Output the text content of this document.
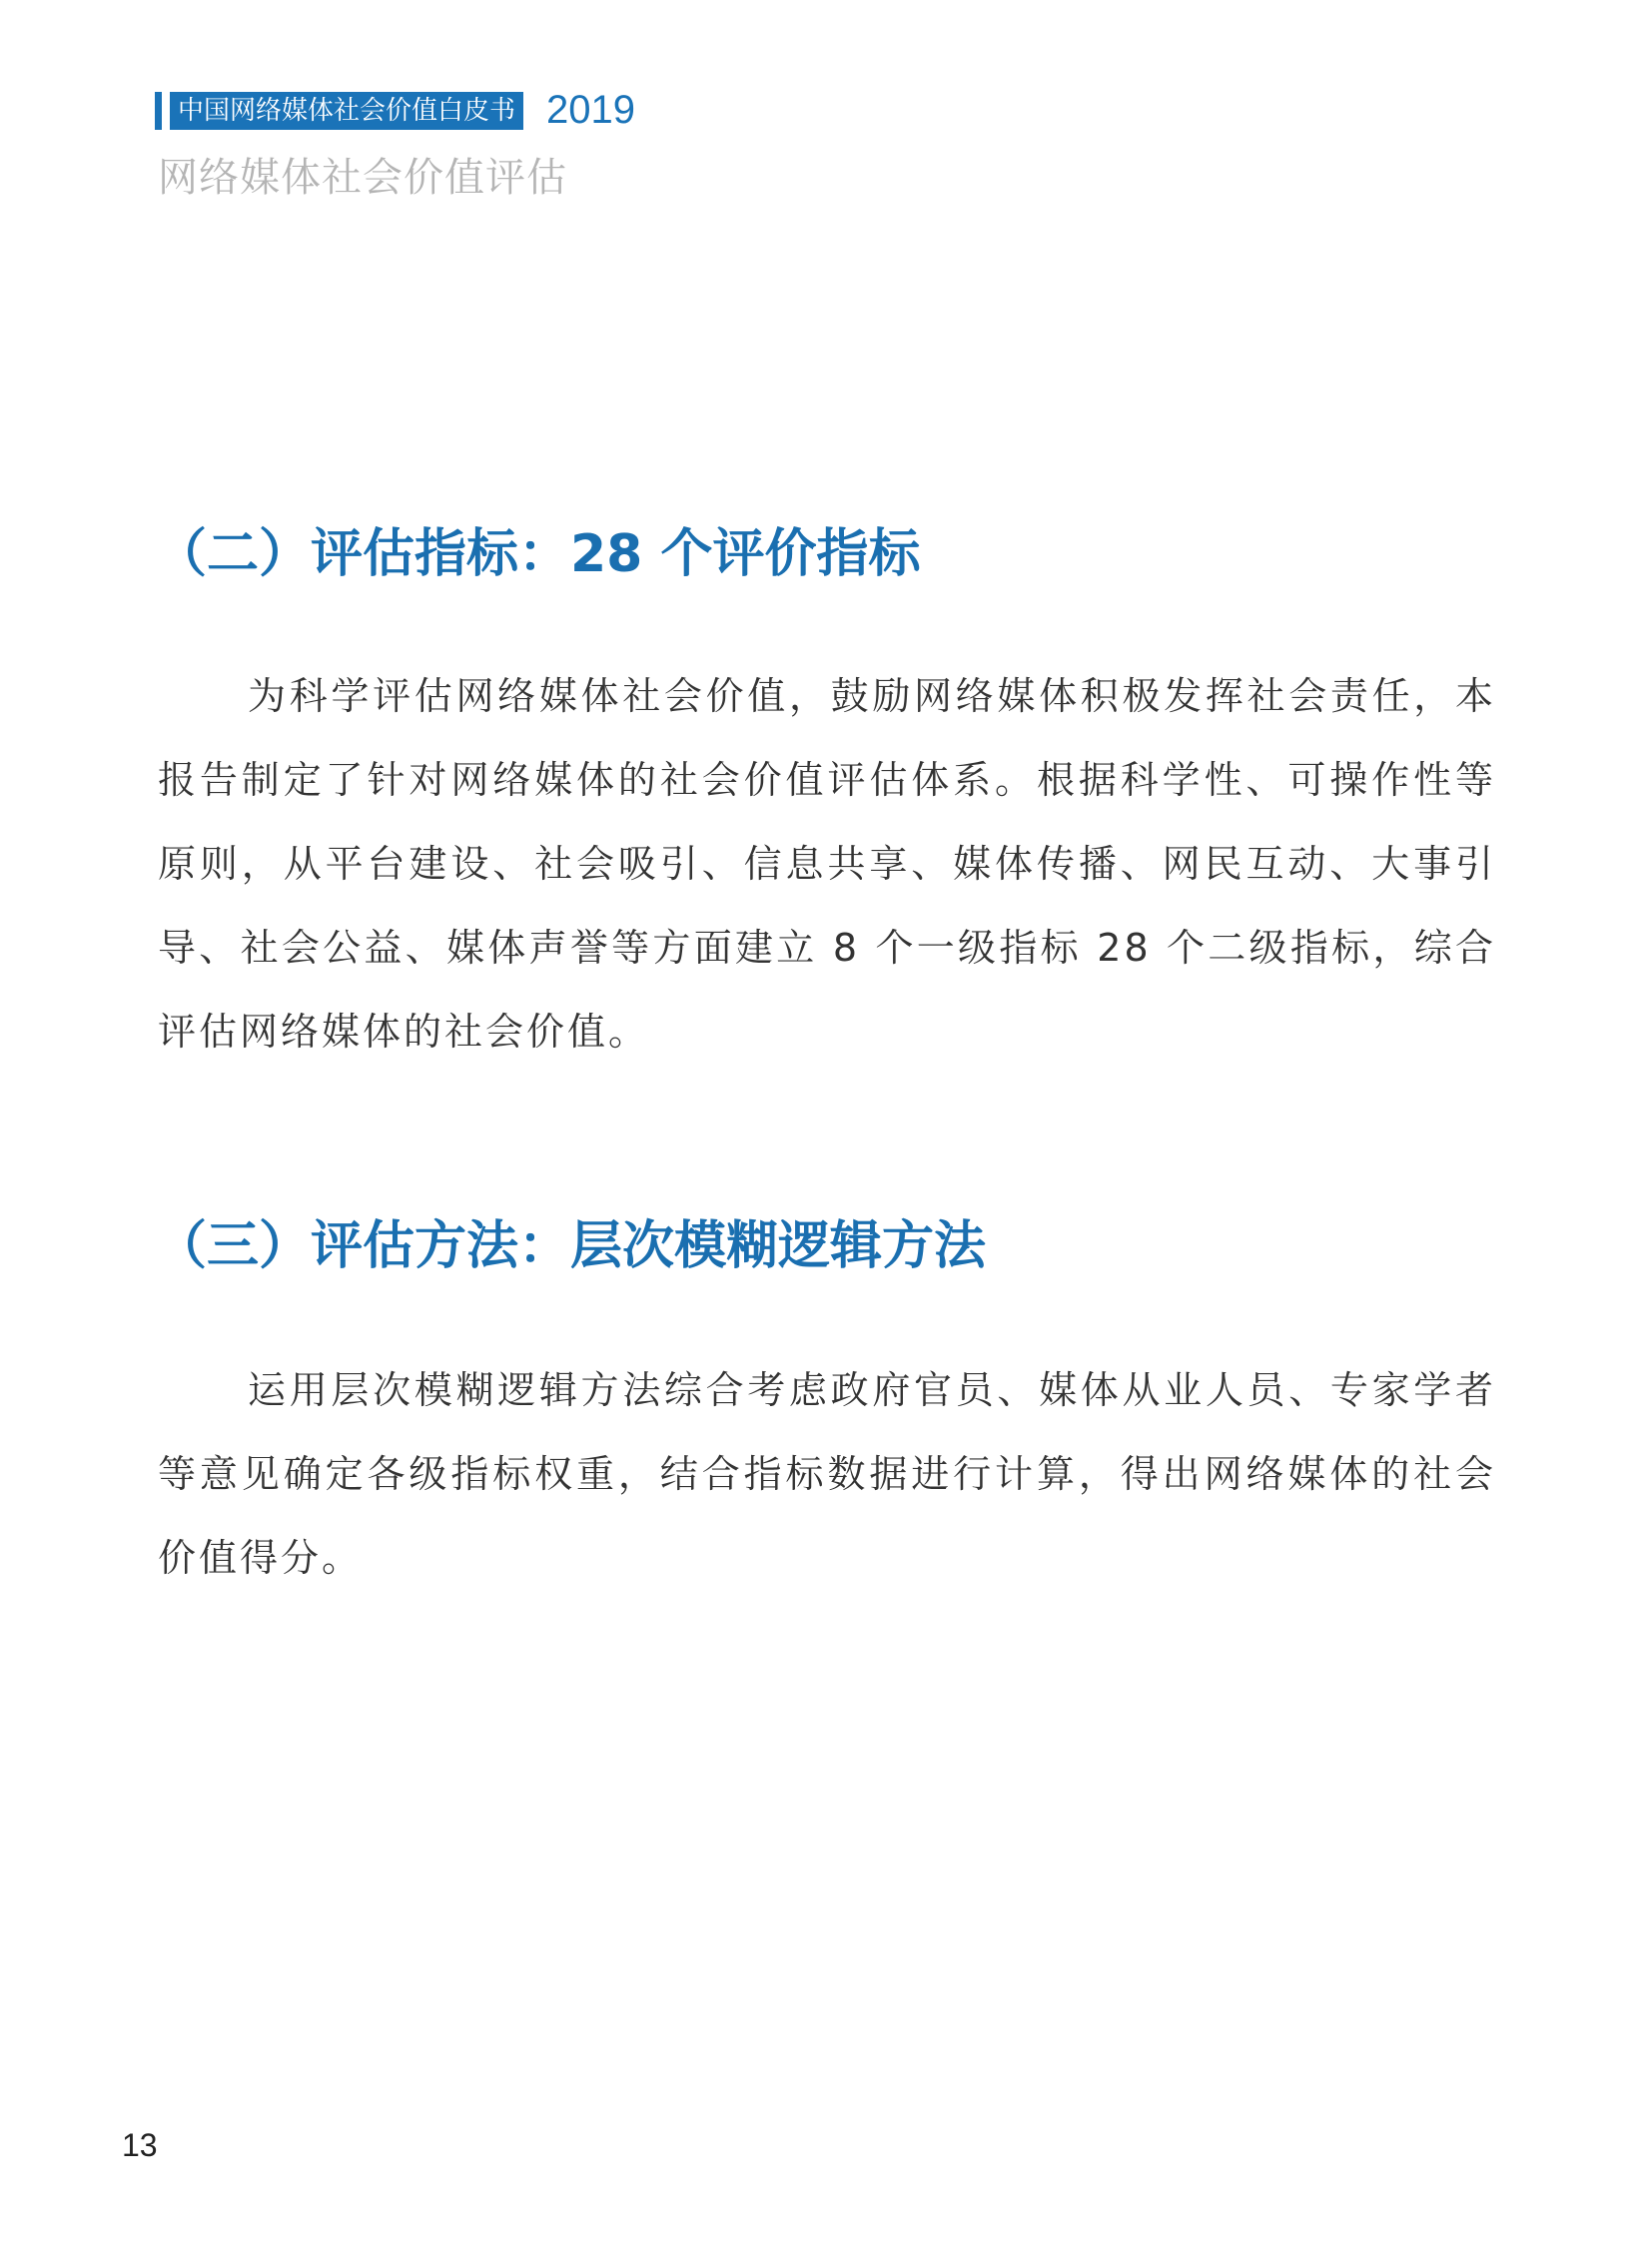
中国网络媒体社会价值白皮书 2019
网络媒体社会价值评估
（二）评估指标：28 个评价指标

为科学评估网络媒体社会价值，鼓励网络媒体积极发挥社会责任，本报告制定了针对网络媒体的社会价值评估体系。根据科学性、可操作性等原则，从平台建设、社会吸引、信息共享、媒体传播、网民互动、大事引导、社会公益、媒体声誉等方面建立 8 个一级指标 28 个二级指标，综合评估网络媒体的社会价值。

（三）评估方法：层次模糊逻辑方法

运用层次模糊逻辑方法综合考虑政府官员、媒体从业人员、专家学者等意见确定各级指标权重，结合指标数据进行计算，得出网络媒体的社会价值得分。

13
